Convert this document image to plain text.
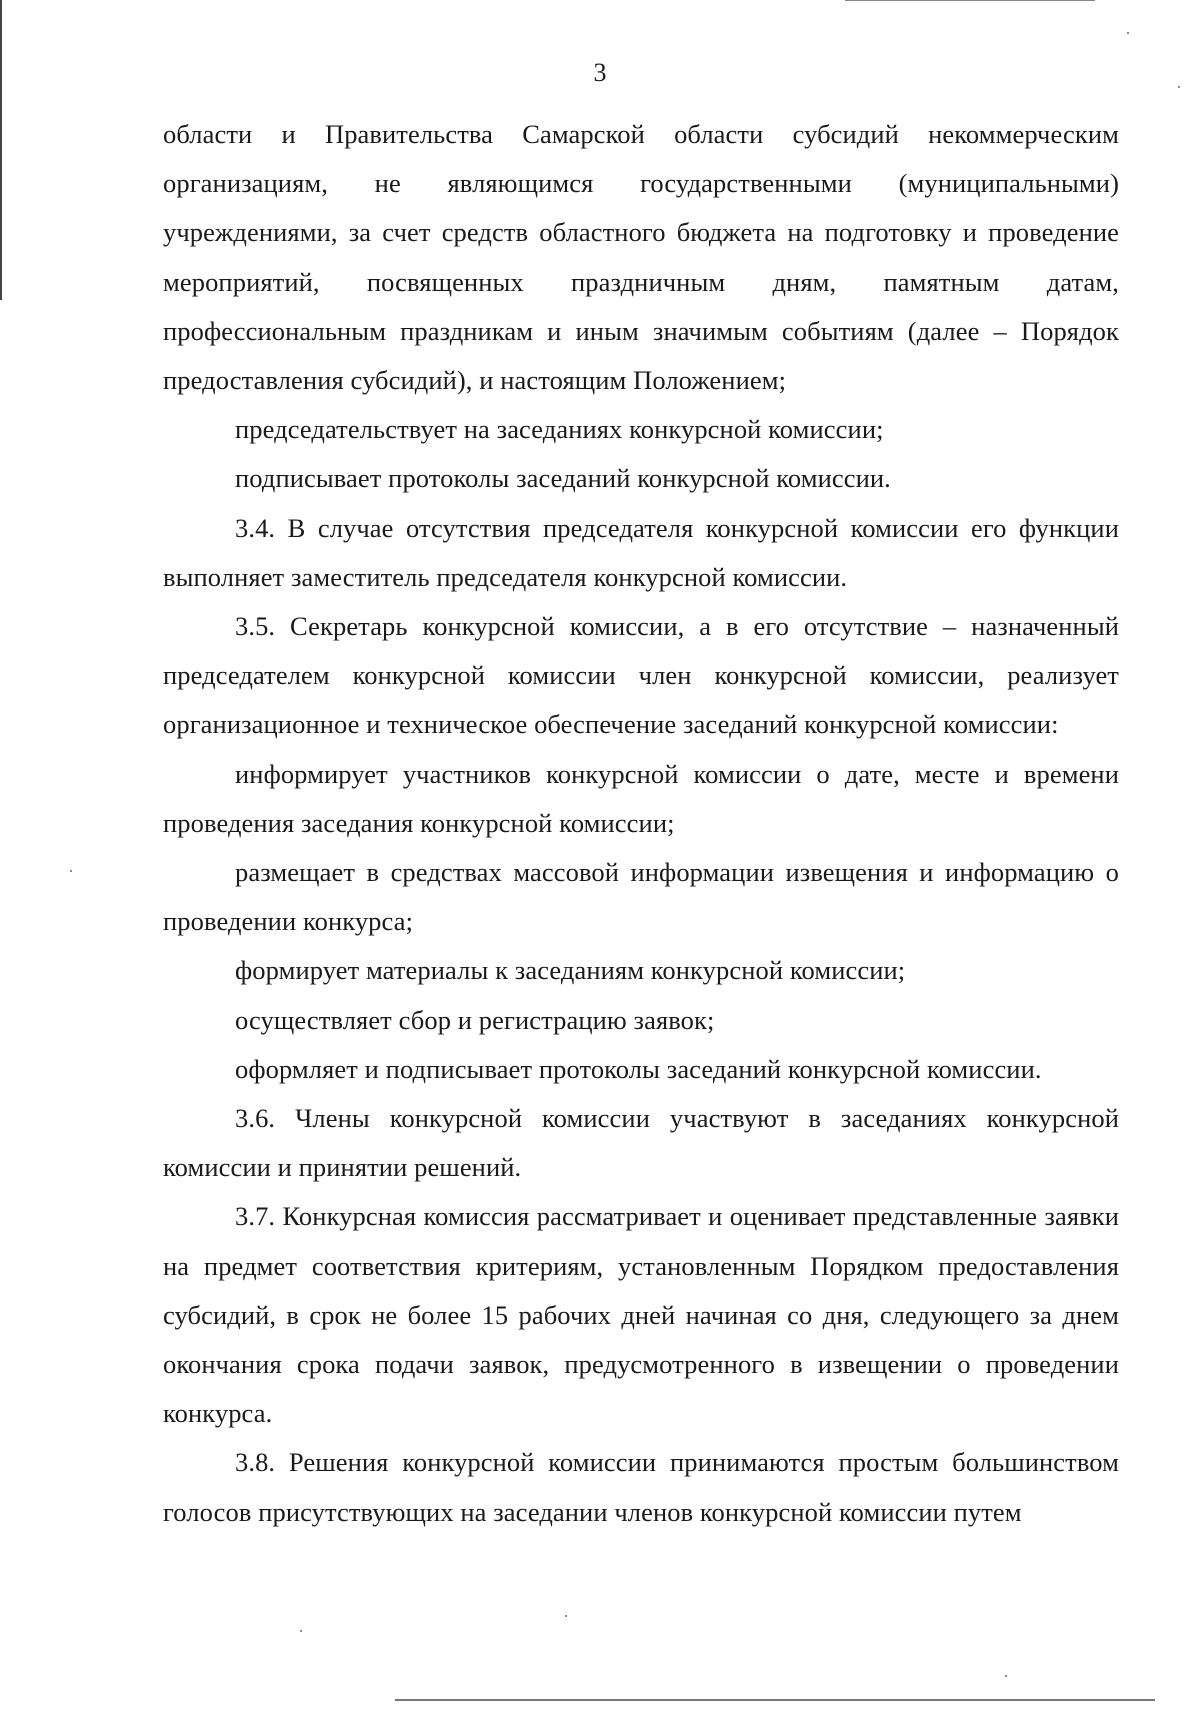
3

области и Правительства Самарской области субсидий некоммерческим организациям, не являющимся государственными (муниципальными) учреждениями, за счет средств областного бюджета на подготовку и проведение мероприятий, посвященных праздничным дням, памятным датам, профессиональным праздникам и иным значимым событиям (далее – Порядок предоставления субсидий), и настоящим Положением;

председательствует на заседаниях конкурсной комиссии;

подписывает протоколы заседаний конкурсной комиссии.

3.4. В случае отсутствия председателя конкурсной комиссии его функции выполняет заместитель председателя конкурсной комиссии.

3.5. Секретарь конкурсной комиссии, а в его отсутствие – назначенный председателем конкурсной комиссии член конкурсной комиссии, реализует организационное и техническое обеспечение заседаний конкурсной комиссии:

информирует участников конкурсной комиссии о дате, месте и времени проведения заседания конкурсной комиссии;

размещает в средствах массовой информации извещения и информацию о проведении конкурса;

формирует материалы к заседаниям конкурсной комиссии;

осуществляет сбор и регистрацию заявок;

оформляет и подписывает протоколы заседаний конкурсной комиссии.

3.6. Члены конкурсной комиссии участвуют в заседаниях конкурсной комиссии и принятии решений.

3.7. Конкурсная комиссия рассматривает и оценивает представленные заявки на предмет соответствия критериям, установленным Порядком предоставления субсидий, в срок не более 15 рабочих дней начиная со дня, следующего за днем окончания срока подачи заявок, предусмотренного в извещении о проведении конкурса.

3.8. Решения конкурсной комиссии принимаются простым большинством голосов присутствующих на заседании членов конкурсной комиссии путем
